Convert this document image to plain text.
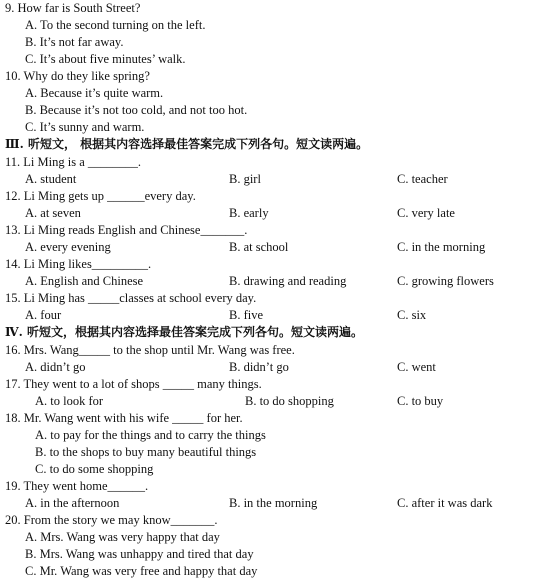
9. How far is South Street?
A. To the second turning on the left.
B. It’s not far away.
C. It’s about five minutes’ walk.
10. Why do they like spring?
A. Because it’s quite warm.
B. Because it’s not too cold, and not too hot.
C. It’s sunny and warm.
Ⅲ. 听短文， 根据其内容选择最佳答案完成下列各句。短文读两遍。
11. Li Ming is a ________.
A. student	B. girl	C. teacher
12. Li Ming gets up ______every day.
A. at seven	B. early	C. very late
13. Li Ming reads English and Chinese_______.
A. every evening	B. at school	C. in the morning
14. Li Ming likes_________.
A. English and Chinese	B. drawing and reading	C. growing flowers
15. Li Ming has _____classes at school every day.
A. four	B. five	C. six
Ⅳ. 听短文，根据其内容选择最佳答案完成下列各句。短文读两遍。
16. Mrs. Wang_____ to the shop until Mr. Wang was free.
A. didn’t go	B. didn’t go	C. went
17. They went to a lot of shops _____ many things.
A. to look for	B. to do shopping	C. to buy
18. Mr. Wang went with his wife _____ for her.
A. to pay for the things and to carry the things
B. to the shops to buy many beautiful things
C. to do some shopping
19. They went home______.
A. in the afternoon	B. in the morning	C. after it was dark
20. From the story we may know_______.
A. Mrs. Wang was very happy that day
B. Mrs. Wang was unhappy and tired that day
C. Mr. Wang was very free and happy that day
